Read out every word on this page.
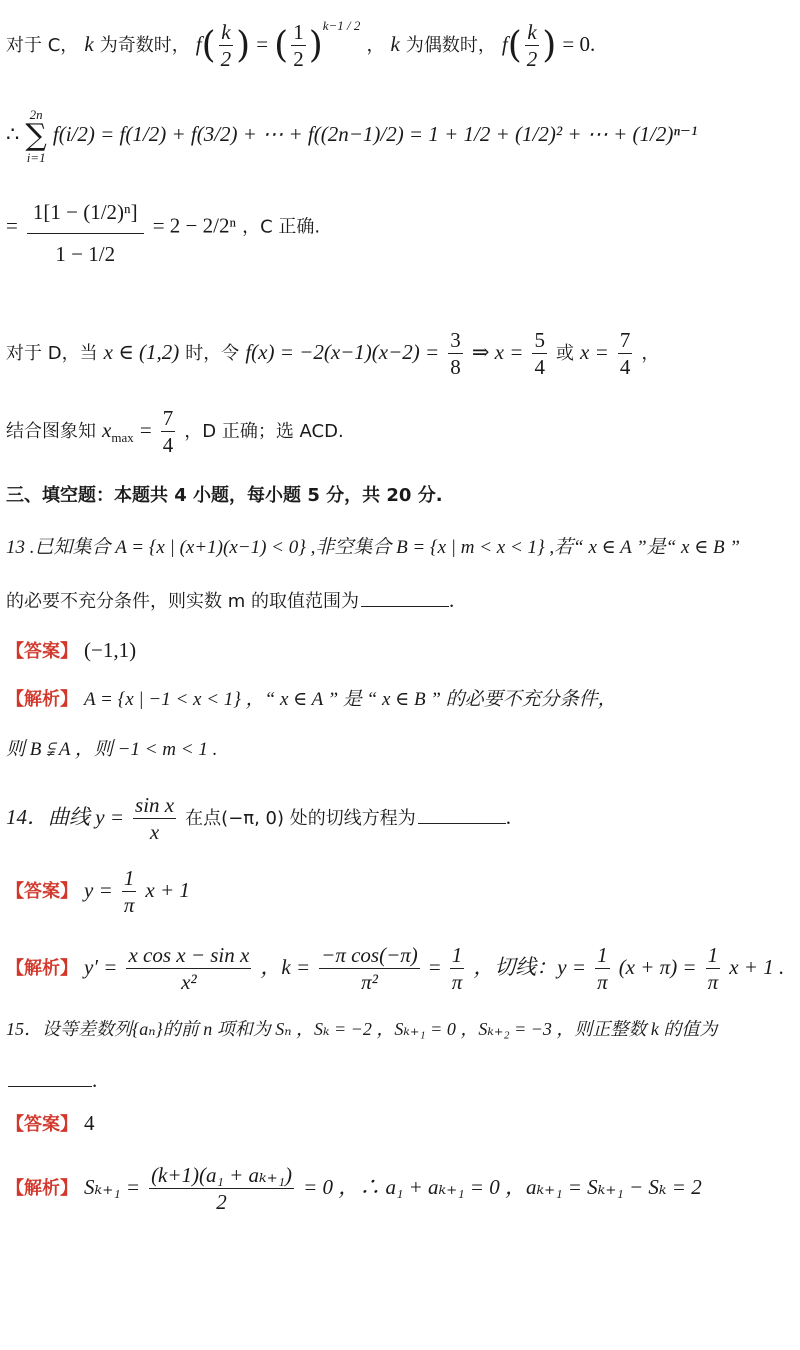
对于 C， k 为奇数时， $f( \frac{k}{2}$ ) = ( $\frac{1}{2} )^{k-1 / 2}$ ， k 为偶数时， $f( \frac{k}{2}$ ) = 0.
∴
2n
∑
i=1
f(i/2) = f(1/2) + f(3/2) + ⋯ + f((2n−1)/2) = 1 + 1/2 + (1/2)² + ⋯ + (1/2)ⁿ⁻¹
= $\frac{\text{1[1 − (1/2)ⁿ]}}{1 - 1/2} = 2 - 2/2^n$ ，C 正确.
对于 D，当 x ∈ (1,2) 时，令 $f(x) = -2(x-1)(x-2) = \frac{3}{8}$ ⇒ $x = \frac{5}{4}$ 或 $x = \frac{7}{4}$ ，
结合图象知 $x_{max} = \frac{7}{4}$ ，D 正确；选 ACD.
三、填空题：本题共 4 小题，每小题 5 分，共 20 分.
13 .已知集合 A = {x | (x+1)(x−1) < 0} ,非空集合 B = {x | m < x < 1} ,若“ x ∈ A ”是“ x ∈ B ”
的必要不充分条件，则实数 m 的取值范围为	.
【答案】 (−1,1)
【解析】 A = {x | −1 < x < 1} ，“ x ∈ A ” 是 “ x ∈ B ” 的必要不充分条件，
则 B ⫋ A ，则 −1 < m < 1 .
14．曲线 $y = \frac{\text{sin x}}{x}$ 在点(−π, 0) 处的切线方程为	.
【答案】 $y = \frac{1}{\pi}$ x + 1
【解析】 $y' = \frac{\text{x cos x − sin x}}{\text{x²}}$ ，$k = \frac{\text{−π cos(−π)}}{\text{π²}} = \frac{1}{\pi}$ ，切线：$y = \frac{1}{\pi} (x + \pi) = \frac{1}{\pi}$ x + 1 .
15．设等差数列{aₙ}的前 n 项和为 Sₙ ，Sₖ = −2 ，Sₖ₊₁ = 0 ，Sₖ₊₂ = −3 ，则正整数 k 的值为
.
【答案】 4
【解析】 $S_{k+1} = \frac{\text{(k+1)(a₁ + aₖ₊₁)}}{2} = 0$ ，∴ a₁ + aₖ₊₁ = 0 ，aₖ₊₁ = Sₖ₊₁ − Sₖ = 2
